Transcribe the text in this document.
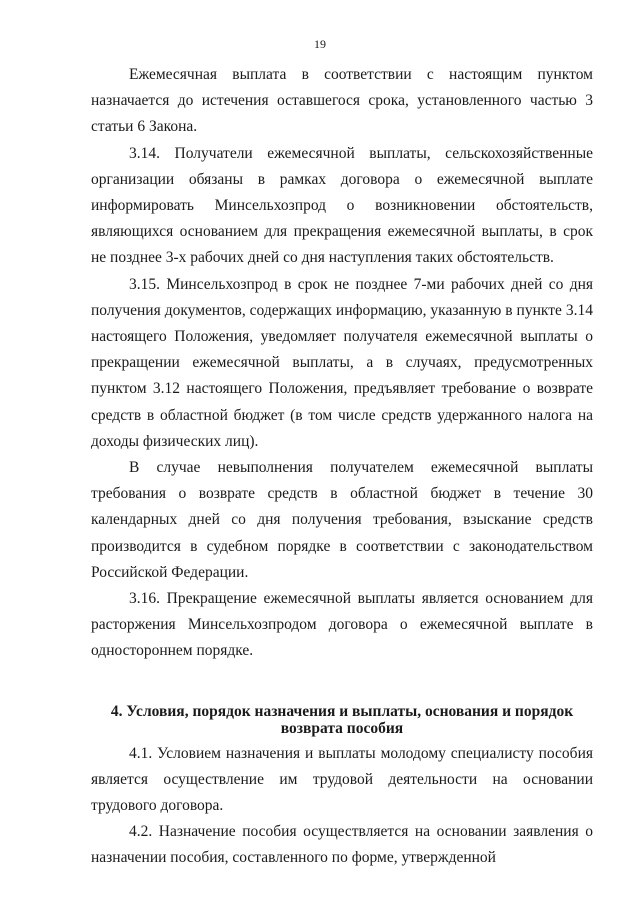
19

Ежемесячная выплата в соответствии с настоящим пунктом назначается до истечения оставшегося срока, установленного частью 3 статьи 6 Закона.

3.14. Получатели ежемесячной выплаты, сельскохозяйственные организации обязаны в рамках договора о ежемесячной выплате информировать Минсельхозпрод о возникновении обстоятельств, являющихся основанием для прекращения ежемесячной выплаты, в срок не позднее 3-х рабочих дней со дня наступления таких обстоятельств.

3.15. Минсельхозпрод в срок не позднее 7-ми рабочих дней со дня получения документов, содержащих информацию, указанную в пункте 3.14 настоящего Положения, уведомляет получателя ежемесячной выплаты о прекращении ежемесячной выплаты, а в случаях, предусмотренных пунктом 3.12 настоящего Положения, предъявляет требование о возврате средств в областной бюджет (в том числе средств удержанного налога на доходы физических лиц).

В случае невыполнения получателем ежемесячной выплаты требования о возврате средств в областной бюджет в течение 30 календарных дней со дня получения требования, взыскание средств производится в судебном порядке в соответствии с законодательством Российской Федерации.

3.16. Прекращение ежемесячной выплаты является основанием для расторжения Минсельхозпродом договора о ежемесячной выплате в одностороннем порядке.

4. Условия, порядок назначения и выплаты, основания и порядок
возврата пособия

4.1. Условием назначения и выплаты молодому специалисту пособия является осуществление им трудовой деятельности на основании трудового договора.

4.2. Назначение пособия осуществляется на основании заявления о назначении пособия, составленного по форме, утвержденной
